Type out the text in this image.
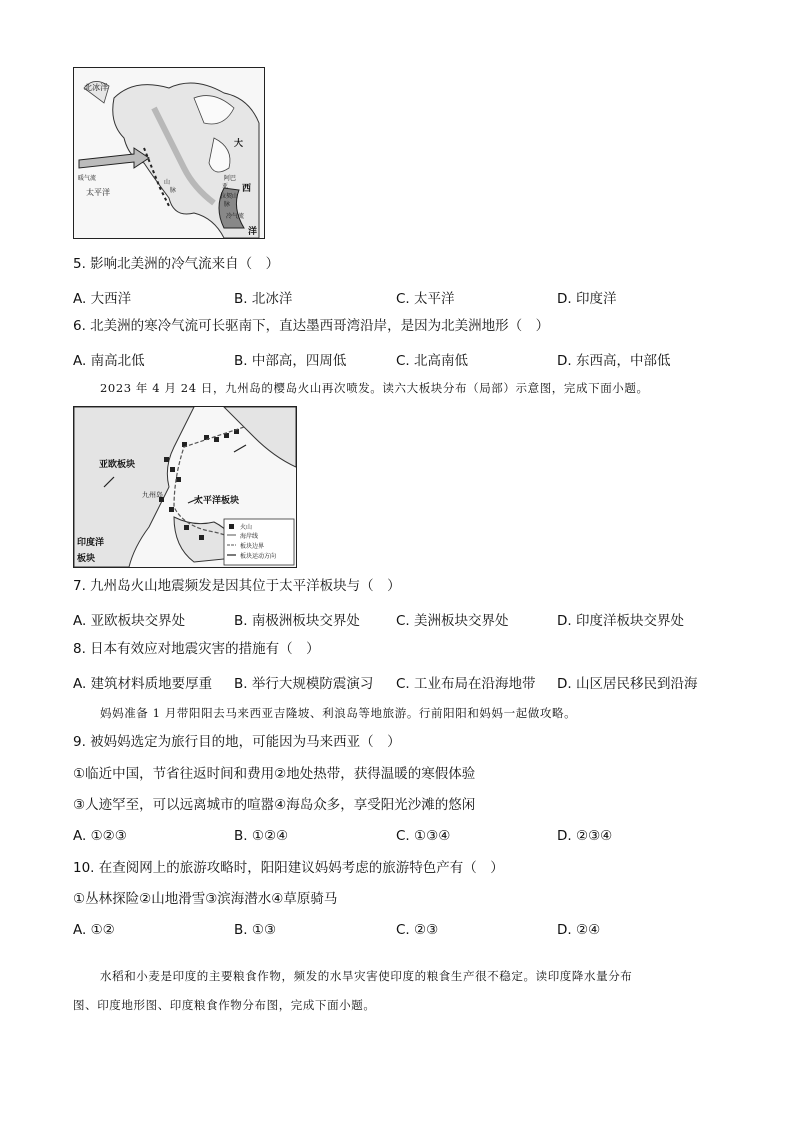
北冰洋
太平洋
大
西
洋
暖气流
冷气流
山
脉
阿巴
拉契山
亚
脉
5. 影响北美洲的冷气流来自（　）
A. 大西洋	B. 北冰洋	C. 太平洋	D. 印度洋
6. 北美洲的寒冷气流可长驱南下，直达墨西哥湾沿岸，是因为北美洲地形（　）
A. 南高北低	B. 中部高，四周低	C. 北高南低	D. 东西高，中部低
2023 年 4 月 24 日，九州岛的樱岛火山再次喷发。读六大板块分布（局部）示意图，完成下面小题。
火山
海岸线
板块边界
板块运动方向
亚欧板块
九州岛
太平洋板块
印度洋
板块
7. 九州岛火山地震频发是因其位于太平洋板块与（　）
A. 亚欧板块交界处	B. 南极洲板块交界处	C. 美洲板块交界处	D. 印度洋板块交界处
8. 日本有效应对地震灾害的措施有（　）
A. 建筑材料质地要厚重 B. 举行大规模防震演习 C. 工业布局在沿海地带 D. 山区居民移民到沿海
妈妈准备 1 月带阳阳去马来西亚吉隆坡、利浪岛等地旅游。行前阳阳和妈妈一起做攻略。
9. 被妈妈选定为旅行目的地，可能因为马来西亚（　）
①临近中国，节省往返时间和费用②地处热带，获得温暖的寒假体验
③人迹罕至，可以远离城市的喧嚣④海岛众多，享受阳光沙滩的悠闲
A. ①②③	B. ①②④	C. ①③④	D. ②③④
10. 在查阅网上的旅游攻略时，阳阳建议妈妈考虑的旅游特色产有（　）
①丛林探险②山地滑雪③滨海潜水④草原骑马
A. ①②	B. ①③	C. ②③	D. ②④
水稻和小麦是印度的主要粮食作物，频发的水旱灾害使印度的粮食生产很不稳定。读印度降水量分布
图、印度地形图、印度粮食作物分布图，完成下面小题。
